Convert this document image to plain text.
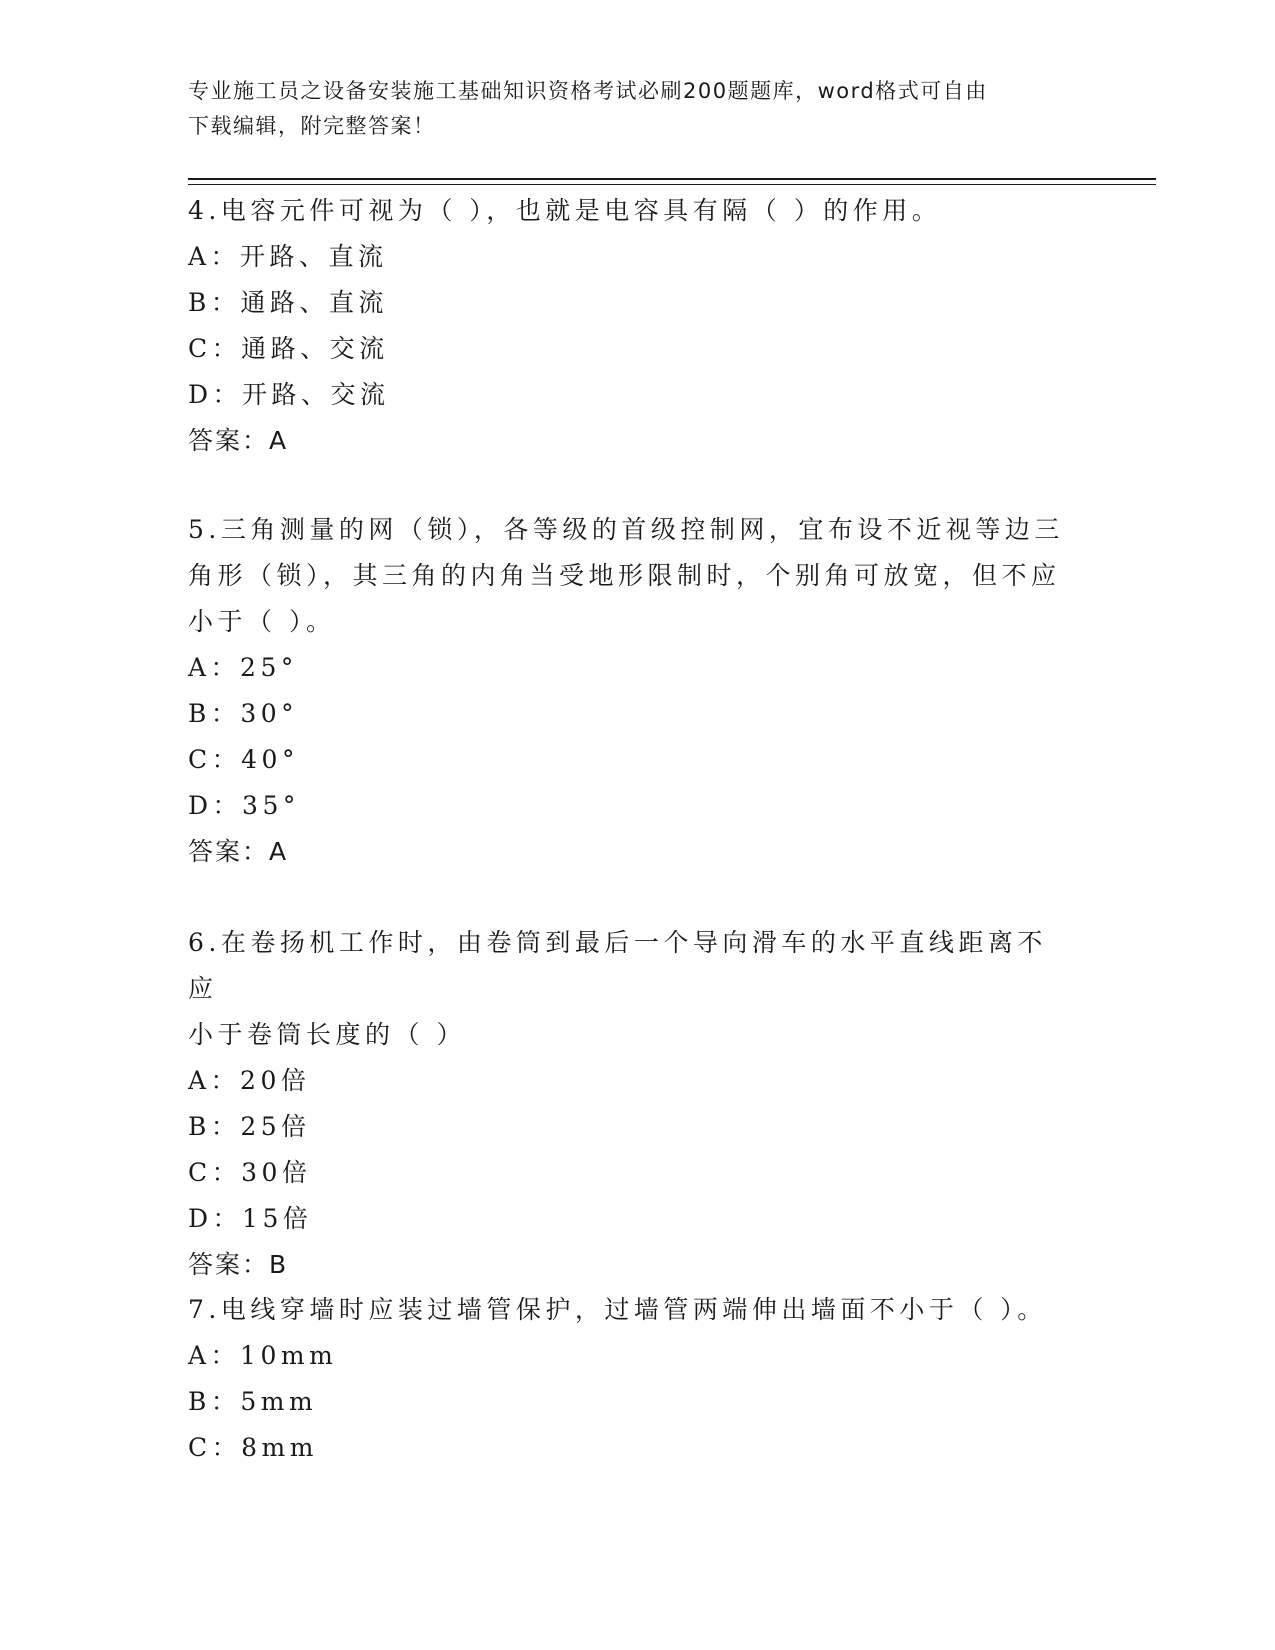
专业施工员之设备安装施工基础知识资格考试必刷200题题库，word格式可自由
下载编辑，附完整答案！
4.电容元件可视为（ ），也就是电容具有隔（ ）的作用。
A：开路、直流
B：通路、直流
C：通路、交流
D：开路、交流
答案：A
5.三角测量的网（锁），各等级的首级控制网，宜布设不近视等边三
角形（锁），其三角的内角当受地形限制时，个别角可放宽，但不应
小于（ ）。
A：25°
B：30°
C：40°
D：35°
答案：A
6.在卷扬机工作时，由卷筒到最后一个导向滑车的水平直线距离不应
小于卷筒长度的（ ）
A：20倍
B：25倍
C：30倍
D：15倍
答案：B
7.电线穿墙时应装过墙管保护，过墙管两端伸出墙面不小于（ ）。
A：10mm
B：5mm
C：8mm
